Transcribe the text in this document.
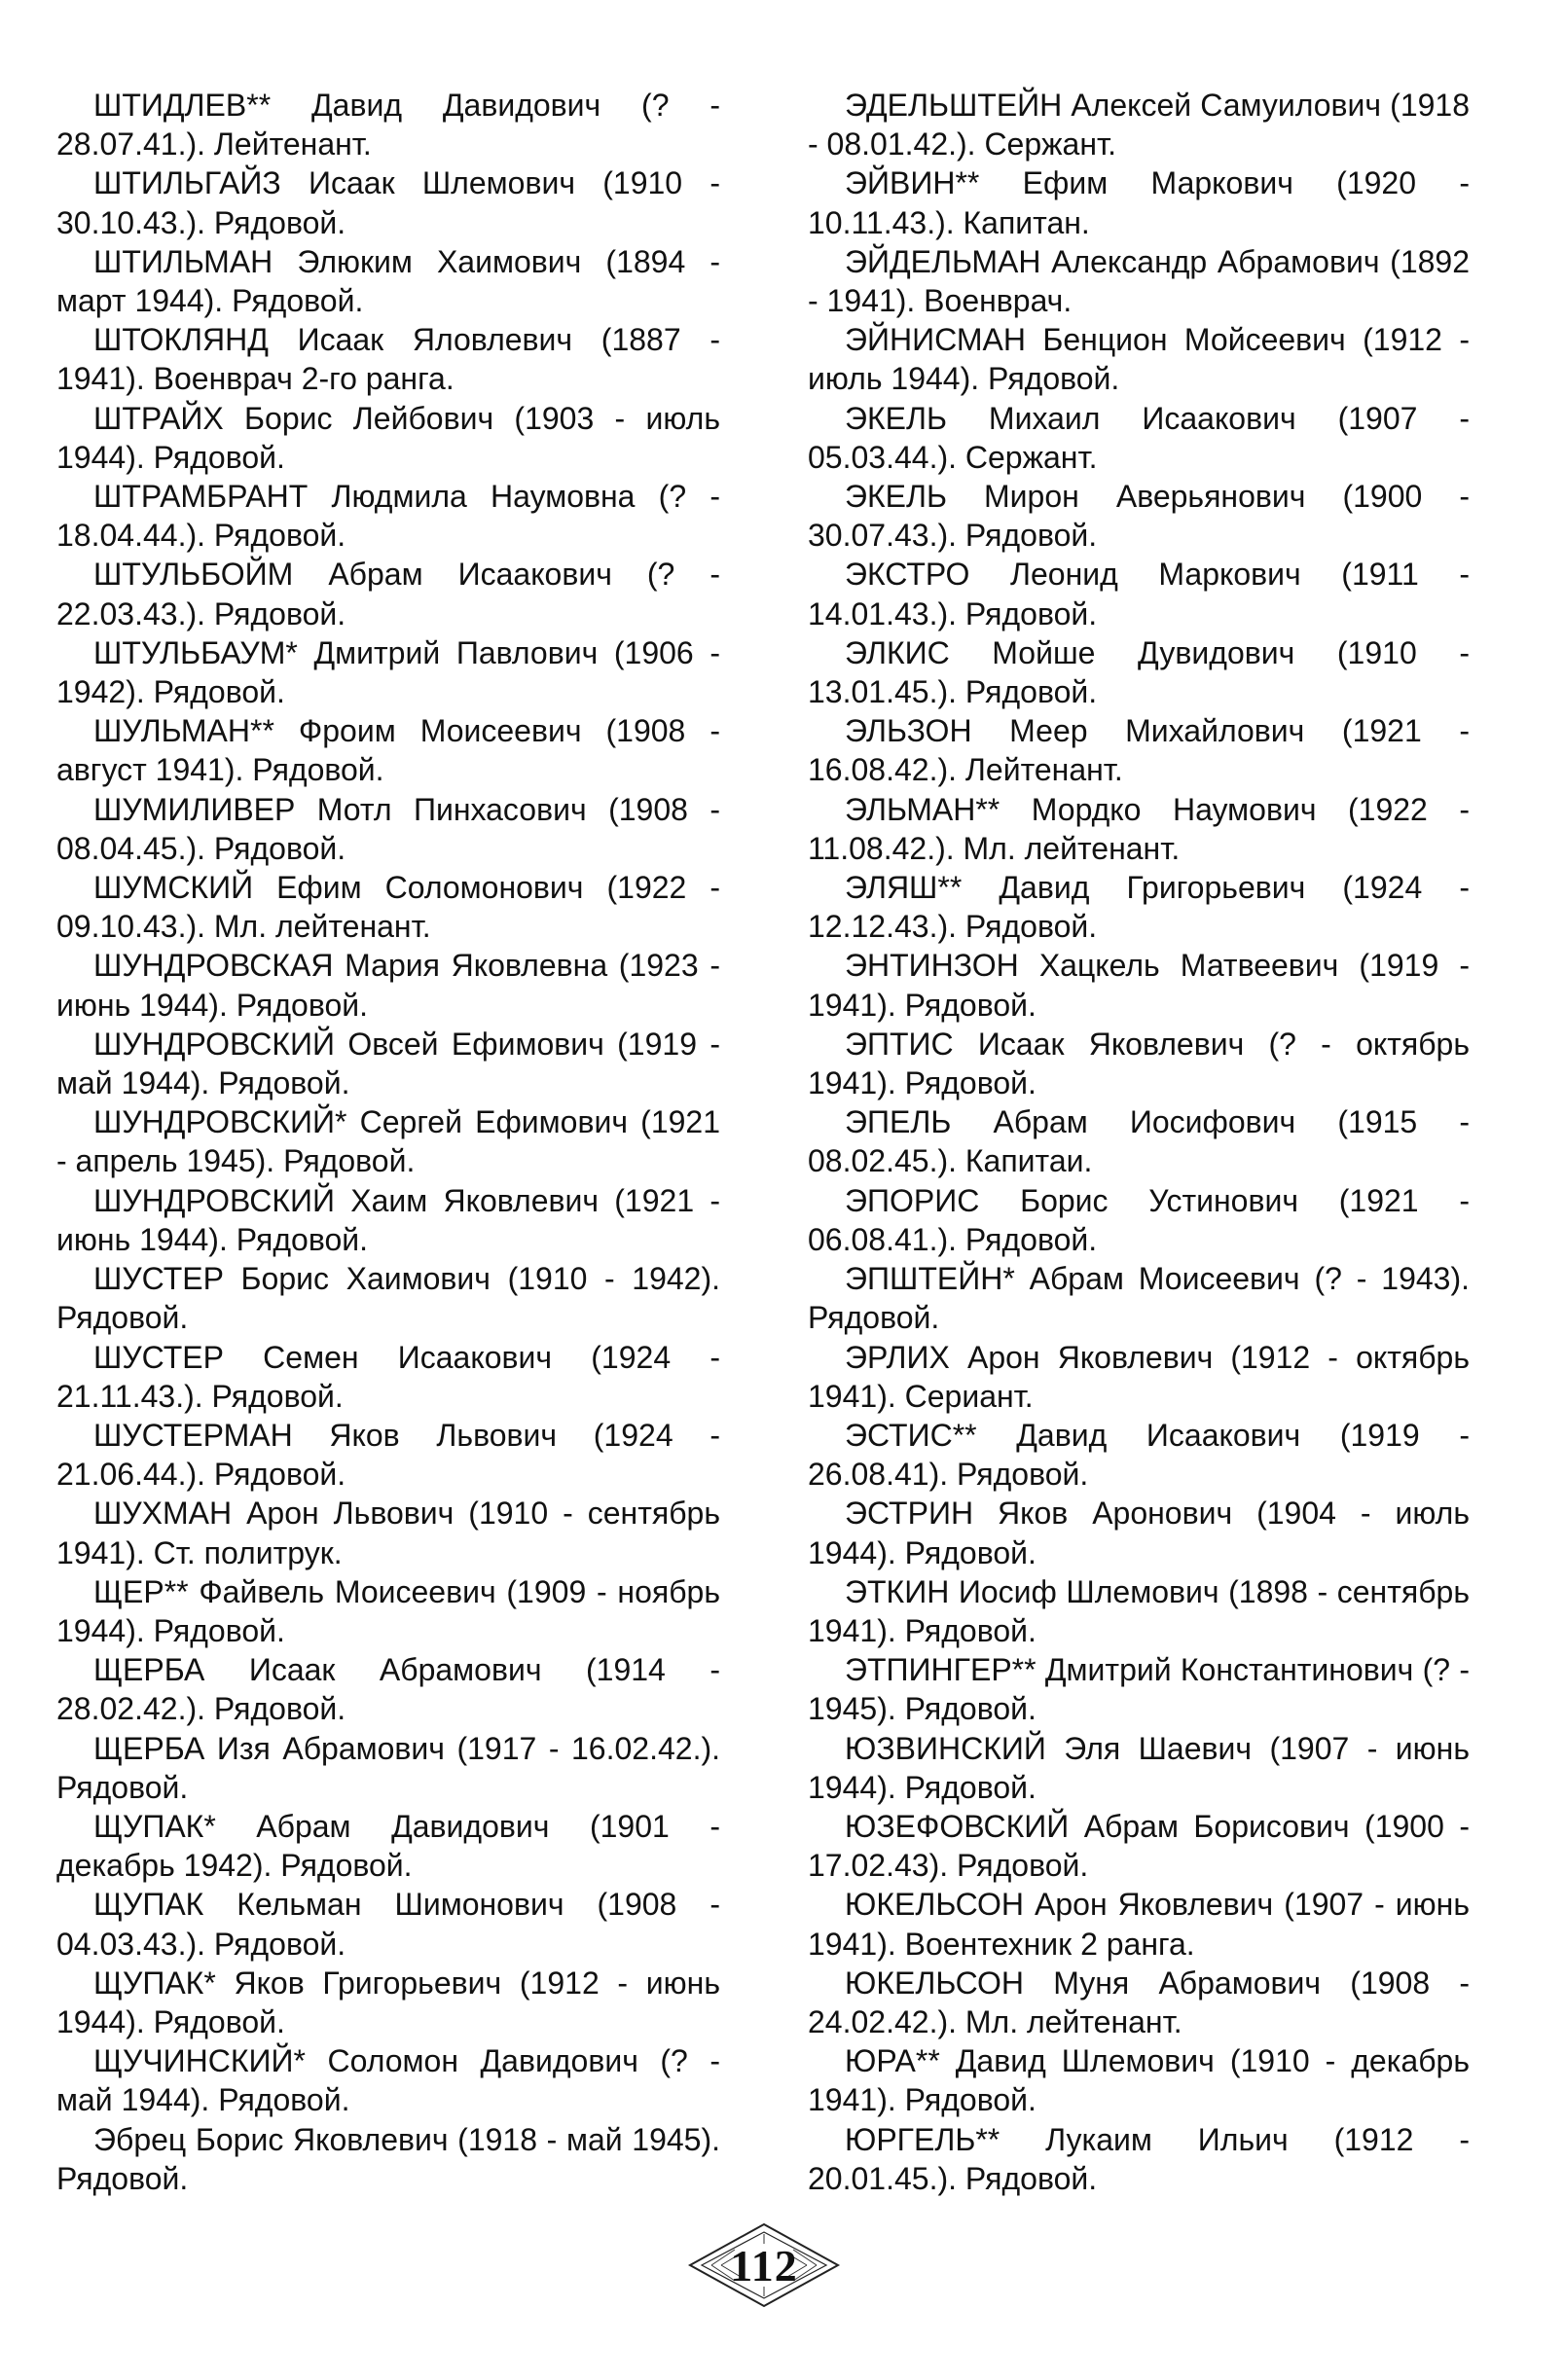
ШТИДЛЕВ** Давид Давидович (? - 28.07.41.). Лейтенант.

ШТИЛЬГАЙЗ Исаак Шлемович (1910 - 30.10.43.). Рядовой.

ШТИЛЬМАН Элюким Хаимович (1894 - март 1944). Рядовой.

ШТОКЛЯНД Исаак Яловлевич (1887 - 1941). Военврач 2-го ранга.

ШТРАЙХ Борис Лейбович (1903 - июль 1944). Рядовой.

ШТРАМБРАНТ Людмила Наумовна (? - 18.04.44.). Рядовой.

ШТУЛЬБОЙМ Абрам Исаакович (? - 22.03.43.). Рядовой.

ШТУЛЬБАУМ* Дмитрий Павлович (1906 - 1942). Рядовой.

ШУЛЬМАН** Фроим Моисеевич (1908 - август 1941). Рядовой.

ШУМИЛИВЕР Мотл Пинхасович (1908 - 08.04.45.). Рядовой.

ШУМСКИЙ Ефим Соломонович (1922 - 09.10.43.). Мл. лейтенант.

ШУНДРОВСКАЯ Мария Яковлевна (1923 - июнь 1944). Рядовой.

ШУНДРОВСКИЙ Овсей Ефимович (1919 - май 1944). Рядовой.

ШУНДРОВСКИЙ* Сергей Ефимович (1921 - апрель 1945). Рядовой.

ШУНДРОВСКИЙ Хаим Яковлевич (1921 - июнь 1944). Рядовой.

ШУСТЕР Борис Хаимович (1910 - 1942). Рядовой.

ШУСТЕР Семен Исаакович (1924 - 21.11.43.). Рядовой.

ШУСТЕРМАН Яков Львович (1924 - 21.06.44.). Рядовой.

ШУХМАН Арон Львович (1910 - сентябрь 1941). Ст. политрук.

ЩЕР** Файвель Моисеевич (1909 - ноябрь 1944). Рядовой.

ЩЕРБА Исаак Абрамович (1914 - 28.02.42.). Рядовой.

ЩЕРБА Изя Абрамович (1917 - 16.02.42.). Рядовой.

ЩУПАК* Абрам Давидович (1901 - декабрь 1942). Рядовой.

ЩУПАК Кельман Шимонович (1908 - 04.03.43.). Рядовой.

ЩУПАК* Яков Григорьевич (1912 - июнь 1944). Рядовой.

ЩУЧИНСКИЙ* Соломон Давидович (? - май 1944). Рядовой.

Эбрец Борис Яковлевич (1918 - май 1945). Рядовой.

ЭДЕЛЬШТЕЙН Алексей Самуилович (1918 - 08.01.42.). Сержант.

ЭЙВИН** Ефим Маркович (1920 - 10.11.43.). Капитан.

ЭЙДЕЛЬМАН Александр Абрамович (1892 - 1941). Военврач.

ЭЙНИСМАН Бенцион Мойсеевич (1912 - июль 1944). Рядовой.

ЭКЕЛЬ Михаил Исаакович (1907 - 05.03.44.). Сержант.

ЭКЕЛЬ Мирон Аверьянович (1900 - 30.07.43.). Рядовой.

ЭКСТРО Леонид Маркович (1911 - 14.01.43.). Рядовой.

ЭЛКИС Мойше Дувидович (1910 - 13.01.45.). Рядовой.

ЭЛЬЗОН Меер Михайлович (1921 - 16.08.42.). Лейтенант.

ЭЛЬМАН** Мордко Наумович (1922 - 11.08.42.). Мл. лейтенант.

ЭЛЯШ** Давид Григорьевич (1924 - 12.12.43.). Рядовой.

ЭНТИНЗОН Хацкель Матвеевич (1919 - 1941). Рядовой.

ЭПТИС Исаак Яковлевич (? - октябрь 1941). Рядовой.

ЭПЕЛЬ Абрам Иосифович (1915 - 08.02.45.). Капитаи.

ЭПОРИС Борис Устинович (1921 - 06.08.41.). Рядовой.

ЭПШТЕЙН* Абрам Моисеевич (? - 1943). Рядовой.

ЭРЛИХ Арон Яковлевич (1912 - октябрь 1941). Сериант.

ЭСТИС** Давид Исаакович (1919 - 26.08.41). Рядовой.

ЭСТРИН Яков Аронович (1904 - июль 1944). Рядовой.

ЭТКИН Иосиф Шлемович (1898 - сентябрь 1941). Рядовой.

ЭТПИНГЕР** Дмитрий Константинович (? - 1945). Рядовой.

ЮЗВИНСКИЙ Эля Шаевич (1907 - июнь 1944). Рядовой.

ЮЗЕФОВСКИЙ Абрам Борисович (1900 - 17.02.43). Рядовой.

ЮКЕЛЬСОН Арон Яковлевич (1907 - июнь 1941). Воентехник 2 ранга.

ЮКЕЛЬСОН Муня Абрамович (1908 - 24.02.42.). Мл. лейтенант.

ЮРА** Давид Шлемович (1910 - декабрь 1941). Рядовой.

ЮРГЕЛЬ** Лукаим Ильич (1912 - 20.01.45.). Рядовой.

112
